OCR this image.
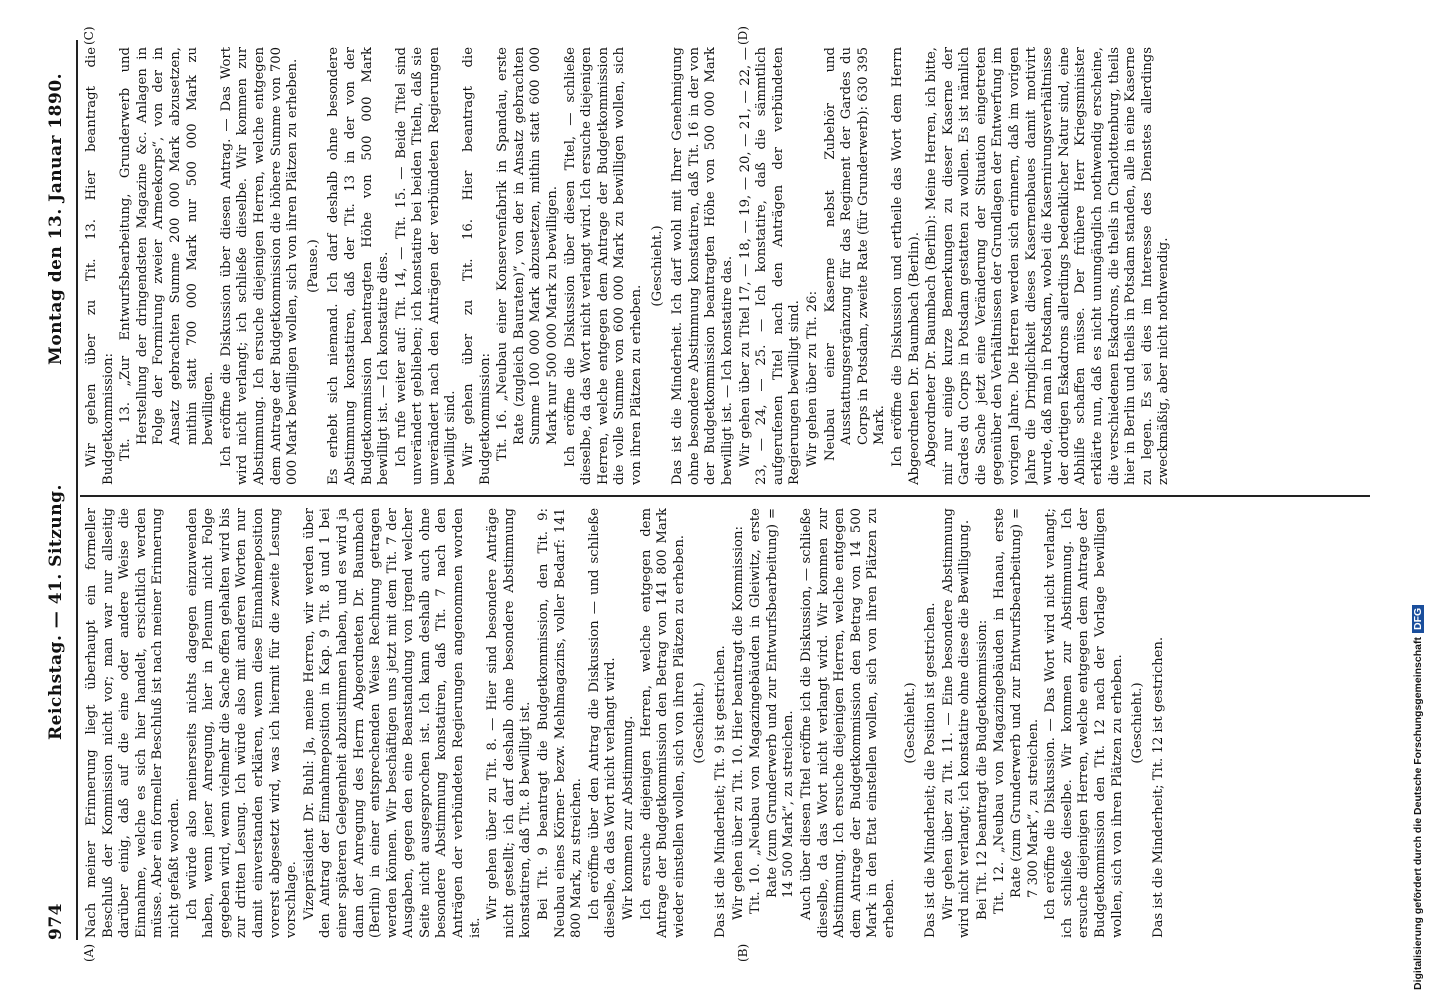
974
Reichstag. — 41. Sitzung.
Montag den 13. Januar 1890.
(A)	(B)
(C)	(D)

Nach meiner Erinnerung liegt überhaupt ein formeller Beschluß der Kommission nicht vor; man war nur allseitig darüber einig, daß auf die eine oder andere Weise die Einnahme, welche es sich hier handelt, ersichtlich werden müsse. Aber ein formeller Beschluß ist nach meiner Erinnerung nicht gefaßt worden. Ich würde also meinerseits nichts dagegen einzuwenden haben, wenn jener Anregung, hier in Plenum nicht Folge gegeben wird, wenn vielmehr die Sache offen gehalten wird bis zur dritten Lesung. Ich würde also mit anderen Worten nur damit einverstanden erklären, wenn diese Einnahmeposition vorerst abgesetzt wird, was ich hiermit für die zweite Lesung vorschlage. Vizepräsident Dr. Buhl: Ja, meine Herren, wir werden über den Antrag der Einnahmeposition in Kap. 9 Tit. 8 und 1 bei einer späteren Gelegenheit abzustimmen haben, und es wird ja dann der Anregung des Herrn Abgeordneten Dr. Baumbach (Berlin) in einer entsprechenden Weise Rechnung getragen werden können. Wir beschäftigen uns jetzt mit dem Tit. 7 der Ausgaben, gegen den eine Beanstandung von irgend welcher Seite nicht ausgesprochen ist. Ich kann deshalb auch ohne besondere Abstimmung konstatiren, daß Tit. 7 nach den Anträgen der verbündeten Regierungen angenommen worden ist.

Wir gehen über zu Tit. 8. — Hier sind besondere Anträge nicht gestellt; ich darf deshalb ohne besondere Abstimmung konstatiren, daß Tit. 8 bewilligt ist. Bei Tit. 9 beantragt die Budgetkommission, den Tit. 9: Neubau eines Körner- bezw. Mehlmagazins, voller Bedarf: 141 800 Mark, zu streichen. Ich eröffne über den Antrag die Diskussion — und schließe dieselbe, da das Wort nicht verlangt wird. Wir kommen zur Abstimmung. Ich ersuche diejenigen Herren, welche entgegen dem Antrage der Budgetkommission den Betrag von 141 800 Mark wieder einstellen wollen, sich von ihren Plätzen zu erheben. (Geschieht.) Das ist die Minderheit; Tit. 9 ist gestrichen. Wir gehen über zu Tit. 10. Hier beantragt die Kommission: Tit. 10. „Neubau von Magazingebäuden in Gleiwitz, erste Rate (zum Grunderwerb und zur Entwurfsbearbeitung) = 14 500 Mark“, zu streichen. Auch über diesen Titel eröffne ich die Diskussion, — schließe dieselbe, da das Wort nicht verlangt wird. Wir kommen zur Abstimmung. Ich ersuche diejenigen Herren, welche entgegen dem Antrage der Budgetkommission den Betrag von 14 500 Mark in den Etat einstellen wollen, sich von ihren Plätzen zu erheben.

(Geschieht.) Das ist die Minderheit; die Position ist gestrichen. Wir gehen über zu Tit. 11. — Eine besondere Abstimmung wird nicht verlangt; ich konstatire ohne diese die Bewilligung. Bei Tit. 12 beantragt die Budgetkommission: Tit. 12. „Neubau von Magazingebäuden in Hanau, erste Rate (zum Grunderwerb und zur Entwurfsbearbeitung) = 7 300 Mark“, zu streichen. Ich eröffne die Diskussion. — Das Wort wird nicht verlangt; ich schließe dieselbe. Wir kommen zur Abstimmung. Ich ersuche diejenigen Herren, welche entgegen dem Antrage der Budgetkommission den Tit. 12 nach der Vorlage bewilligen wollen, sich von ihren Plätzen zu erheben. (Geschieht.) Das ist die Minderheit; Tit. 12 ist gestrichen.

Wir gehen über zu Tit. 13. Hier beantragt die Budgetkommission: Tit. 13. „Zur Entwurfsbearbeitung, Grunderwerb und Herstellung der dringendsten Magazine &c. Anlagen in Folge der Formirung zweier Armeekorps“, von der in Ansatz gebrachten Summe 200 000 Mark abzusetzen, mithin statt 700 000 Mark nur 500 000 Mark zu bewilligen. Ich eröffne die Diskussion über diesen Antrag. — Das Wort wird nicht verlangt; ich schließe dieselbe. Wir kommen zur Abstimmung. Ich ersuche diejenigen Herren, welche entgegen dem Antrage der Budgetkommission die höhere Summe von 700 000 Mark bewilligen wollen, sich von ihren Plätzen zu erheben. (Pause.) Es erhebt sich niemand. Ich darf deshalb ohne besondere Abstimmung konstatiren, daß der Tit. 13 in der von der Budgetkommission beantragten Höhe von 500 000 Mark bewilligt ist. — Ich konstatire dies. Ich rufe weiter auf: Tit. 14, — Tit. 15. — Beide Titel sind unverändert geblieben; ich konstatire bei beiden Titeln, daß sie unverändert nach den Anträgen der verbündeten Regierungen bewilligt sind. Wir gehen über zu Tit. 16. Hier beantragt die Budgetkommission: Tit. 16. „Neubau einer Konservenfabrik in Spandau, erste Rate (zugleich Bauraten)“, von der in Ansatz gebrachten Summe 100 000 Mark abzusetzen, mithin statt 600 000 Mark nur 500 000 Mark zu bewilligen. Ich eröffne die Diskussion über diesen Titel, — schließe dieselbe, da das Wort nicht verlangt wird. Ich ersuche diejenigen Herren, welche entgegen dem Antrage der Budgetkommission die volle Summe von 600 000 Mark zu bewilligen wollen, sich von ihren Plätzen zu erheben.

(Geschieht.) Das ist die Minderheit. Ich darf wohl mit Ihrer Genehmigung ohne besondere Abstimmung konstatiren, daß Tit. 16 in der von der Budgetkommission beantragten Höhe von 500 000 Mark bewilligt ist. — Ich konstatire das. Wir gehen über zu Titel 17, — 18, — 19, — 20, — 21, — 22, — 23, — 24, — 25. — Ich konstatire, daß die sämmtlich aufgerufenen Titel nach den Anträgen der verbündeten Regierungen bewilligt sind. Wir gehen über zu Tit. 26: Neubau einer Kaserne nebst Zubehör und Ausstattungsergänzung für das Regiment der Gardes du Corps in Potsdam, zweite Rate (für Grunderwerb): 630 395 Mark. Ich eröffne die Diskussion und ertheile das Wort dem Herrn Abgeordneten Dr. Baumbach (Berlin). Abgeordneter Dr. Baumbach (Berlin): Meine Herren, ich bitte, mir nur einige kurze Bemerkungen zu dieser Kaserne der Gardes du Corps in Potsdam gestatten zu wollen. Es ist nämlich die Sache jetzt eine Veränderung der Situation eingetreten gegenüber den Verhältnissen der Grundlagen der Entwerfung im vorigen Jahre. Die Herren werden sich erinnern, daß im vorigen Jahre die Dringlichkeit dieses Kasernenbaues damit motivirt wurde, daß man in Potsdam, wobei die Kasernirungsverhältnisse der dortigen Eskadrons allerdings bedenklicher Natur sind, eine Abhilfe schaffen müsse. Der frühere Herr Kriegsminister erklärte nun, daß es nicht unumgänglich nothwendig erscheine, die verschiedenen Eskadrons, die theils in Charlottenburg, theils hier in Berlin und theils in Potsdam standen, alle in eine Kaserne zu legen. Es sei dies im Interesse des Dienstes allerdings zweckmäßig, aber nicht nothwendig.

Digitalisierung gefördert durch die Deutsche ForschungsgemeinschaftDFG
